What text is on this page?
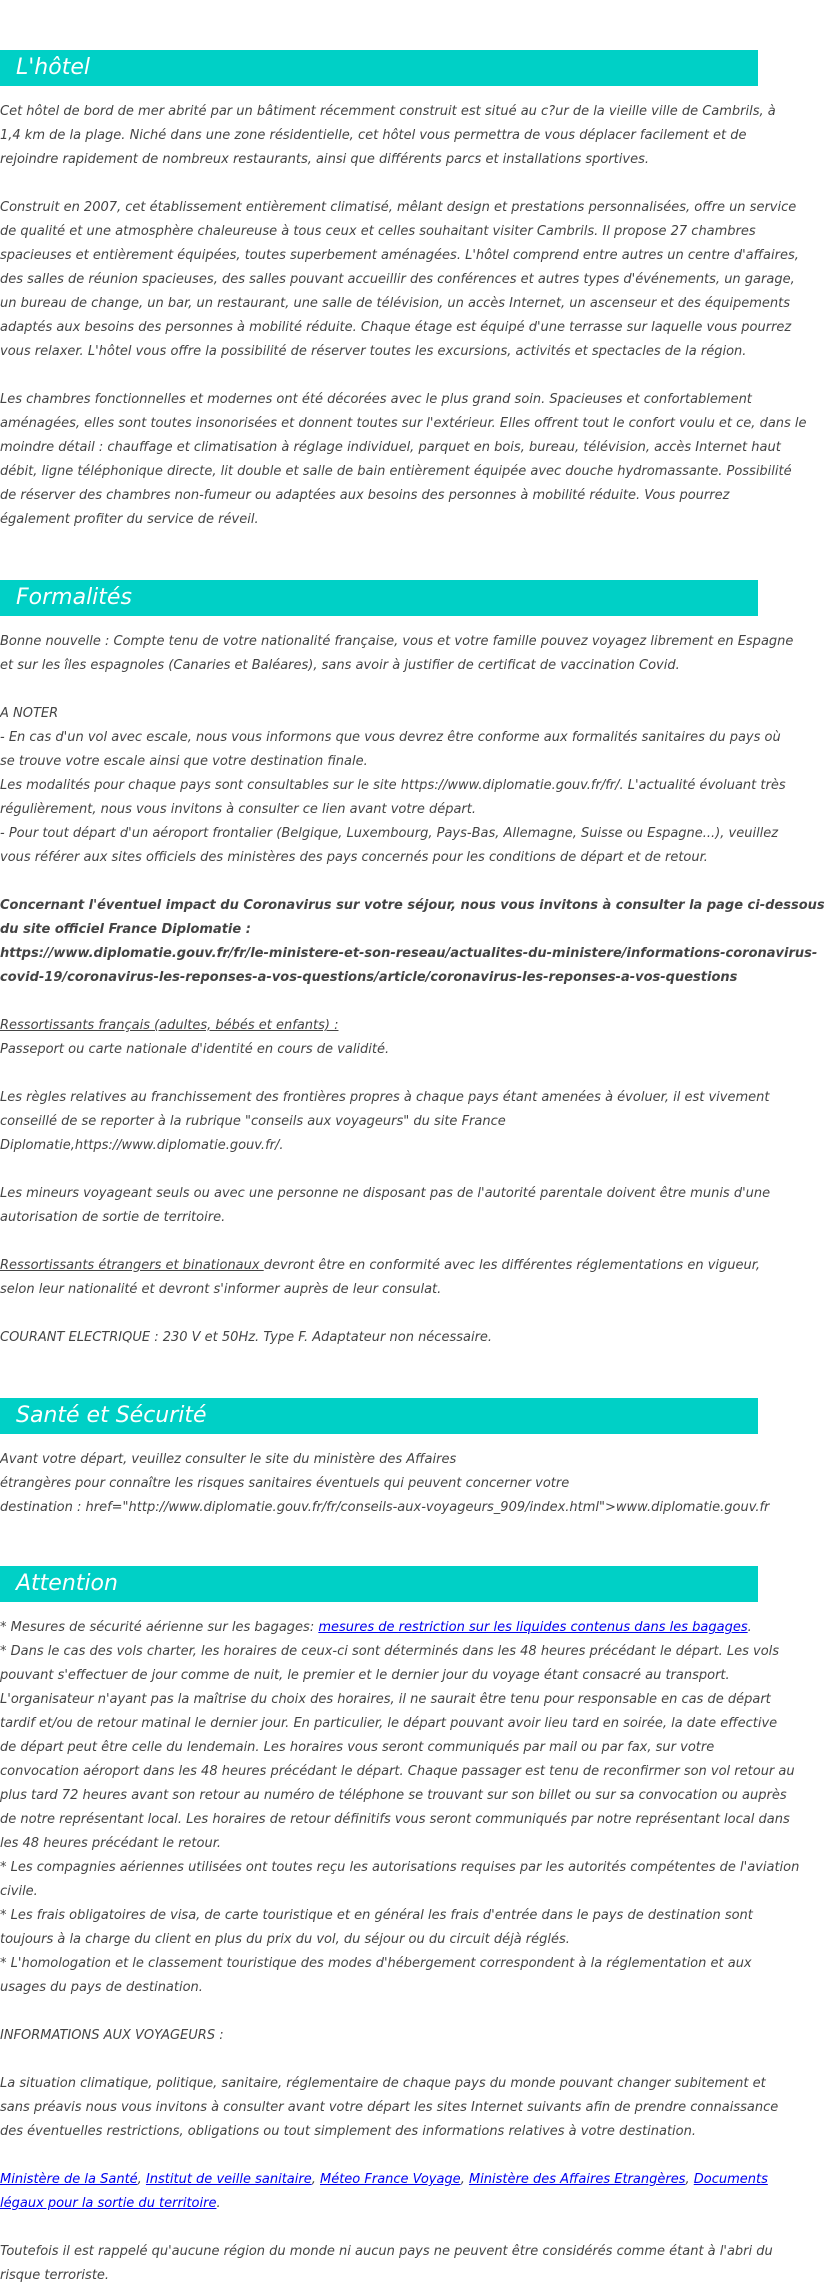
L'hôtel

Cet hôtel de bord de mer abrité par un bâtiment récemment construit est situé au c?ur de la vieille ville de Cambrils, à
1,4 km de la plage. Niché dans une zone résidentielle, cet hôtel vous permettra de vous déplacer facilement et de
rejoindre rapidement de nombreux restaurants, ainsi que différents parcs et installations sportives.

Construit en 2007, cet établissement entièrement climatisé, mêlant design et prestations personnalisées, offre un service
de qualité et une atmosphère chaleureuse à tous ceux et celles souhaitant visiter Cambrils. Il propose 27 chambres
spacieuses et entièrement équipées, toutes superbement aménagées. L'hôtel comprend entre autres un centre d'affaires,
des salles de réunion spacieuses, des salles pouvant accueillir des conférences et autres types d'événements, un garage,
un bureau de change, un bar, un restaurant, une salle de télévision, un accès Internet, un ascenseur et des équipements
adaptés aux besoins des personnes à mobilité réduite. Chaque étage est équipé d'une terrasse sur laquelle vous pourrez
vous relaxer. L'hôtel vous offre la possibilité de réserver toutes les excursions, activités et spectacles de la région.

Les chambres fonctionnelles et modernes ont été décorées avec le plus grand soin. Spacieuses et confortablement
aménagées, elles sont toutes insonorisées et donnent toutes sur l'extérieur. Elles offrent tout le confort voulu et ce, dans le
moindre détail : chauffage et climatisation à réglage individuel, parquet en bois, bureau, télévision, accès Internet haut
débit, ligne téléphonique directe, lit double et salle de bain entièrement équipée avec douche hydromassante. Possibilité
de réserver des chambres non-fumeur ou adaptées aux besoins des personnes à mobilité réduite. Vous pourrez
également profiter du service de réveil.

Formalités

Bonne nouvelle : Compte tenu de votre nationalité française, vous et votre famille pouvez voyagez librement en Espagne
et sur les îles espagnoles (Canaries et Baléares), sans avoir à justifier de certificat de vaccination Covid.

A NOTER
- En cas d'un vol avec escale, nous vous informons que vous devrez être conforme aux formalités sanitaires du pays où
se trouve votre escale ainsi que votre destination finale.
Les modalités pour chaque pays sont consultables sur le site https://www.diplomatie.gouv.fr/fr/. L'actualité évoluant très
régulièrement, nous vous invitons à consulter ce lien avant votre départ.
- Pour tout départ d'un aéroport frontalier (Belgique, Luxembourg, Pays-Bas, Allemagne, Suisse ou Espagne...), veuillez
vous référer aux sites officiels des ministères des pays concernés pour les conditions de départ et de retour.

Concernant l'éventuel impact du Coronavirus sur votre séjour, nous vous invitons à consulter la page ci-dessous
du site officiel France Diplomatie :
https://www.diplomatie.gouv.fr/fr/le-ministere-et-son-reseau/actualites-du-ministere/informations-coronavirus-
covid-19/coronavirus-les-reponses-a-vos-questions/article/coronavirus-les-reponses-a-vos-questions

Ressortissants français (adultes, bébés et enfants) :
Passeport ou carte nationale d'identité en cours de validité.

Les règles relatives au franchissement des frontières propres à chaque pays étant amenées à évoluer, il est vivement
conseillé de se reporter à la rubrique "conseils aux voyageurs" du site France
Diplomatie,https://www.diplomatie.gouv.fr/.

Les mineurs voyageant seuls ou avec une personne ne disposant pas de l'autorité parentale doivent être munis d'une
autorisation de sortie de territoire.

Ressortissants étrangers et binationaux devront être en conformité avec les différentes réglementations en vigueur,
selon leur nationalité et devront s'informer auprès de leur consulat.

COURANT ELECTRIQUE : 230 V et 50Hz. Type F. Adaptateur non nécessaire.

Santé et Sécurité

Avant votre départ, veuillez consulter le site du ministère des Affaires
étrangères pour connaître les risques sanitaires éventuels qui peuvent concerner votre
destination : href="http://www.diplomatie.gouv.fr/fr/conseils-aux-voyageurs_909/index.html">www.diplomatie.gouv.fr

Attention

* Mesures de sécurité aérienne sur les bagages: mesures de restriction sur les liquides contenus dans les bagages.
* Dans le cas des vols charter, les horaires de ceux-ci sont déterminés dans les 48 heures précédant le départ. Les vols
pouvant s'effectuer de jour comme de nuit, le premier et le dernier jour du voyage étant consacré au transport.
L'organisateur n'ayant pas la maîtrise du choix des horaires, il ne saurait être tenu pour responsable en cas de départ
tardif et/ou de retour matinal le dernier jour. En particulier, le départ pouvant avoir lieu tard en soirée, la date effective
de départ peut être celle du lendemain. Les horaires vous seront communiqués par mail ou par fax, sur votre
convocation aéroport dans les 48 heures précédant le départ. Chaque passager est tenu de reconfirmer son vol retour au
plus tard 72 heures avant son retour au numéro de téléphone se trouvant sur son billet ou sur sa convocation ou auprès
de notre représentant local. Les horaires de retour définitifs vous seront communiqués par notre représentant local dans
les 48 heures précédant le retour.
* Les compagnies aériennes utilisées ont toutes reçu les autorisations requises par les autorités compétentes de l'aviation
civile.
* Les frais obligatoires de visa, de carte touristique et en général les frais d'entrée dans le pays de destination sont
toujours à la charge du client en plus du prix du vol, du séjour ou du circuit déjà réglés.
* L'homologation et le classement touristique des modes d'hébergement correspondent à la réglementation et aux
usages du pays de destination.

INFORMATIONS AUX VOYAGEURS :

La situation climatique, politique, sanitaire, réglementaire de chaque pays du monde pouvant changer subitement et
sans préavis nous vous invitons à consulter avant votre départ les sites Internet suivants afin de prendre connaissance
des éventuelles restrictions, obligations ou tout simplement des informations relatives à votre destination.

Ministère de la Santé, Institut de veille sanitaire, Méteo France Voyage, Ministère des Affaires Etrangères, Documents
légaux pour la sortie du territoire.

Toutefois il est rappelé qu'aucune région du monde ni aucun pays ne peuvent être considérés comme étant à l'abri du
risque terroriste.
